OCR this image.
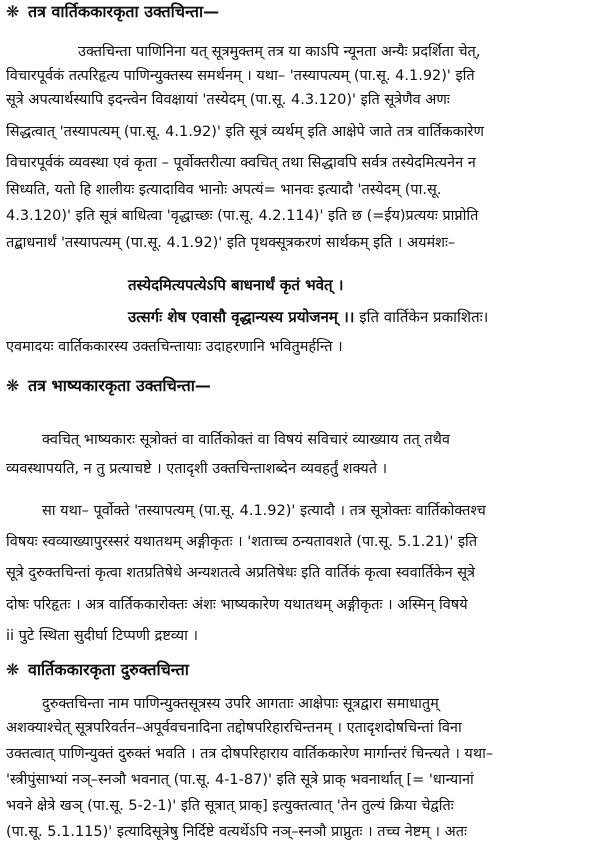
❋ तत्र वार्तिककारकृता उक्तचिन्ता—
उक्तचिन्ता पाणिनिना यत् सूत्रमुक्तम् तत्र या काऽपि न्यूनता अन्यैः प्रदर्शिता चेत्,
विचारपूर्वकं तत्परिहृत्य पाणिन्युक्तस्य समर्थनम् । यथा– 'तस्यापत्यम् (पा.सू. 4.1.92)' इति
सूत्रे अपत्यार्थस्यापि इदन्त्वेन विवक्षायां 'तस्येदम् (पा.सू. 4.3.120)' इति सूत्रेणैव अणः
सिद्धत्वात् 'तस्यापत्यम् (पा.सू. 4.1.92)' इति सूत्रं व्यर्थम् इति आक्षेपे जाते तत्र वार्तिककारेण
विचारपूर्वकं व्यवस्था एवं कृता – पूर्वोक्तरीत्या क्वचित् तथा सिद्धावपि सर्वत्र तस्येदमित्यनेन न
सिध्यति, यतो हि शालीयः इत्यादाविव भानोः अपत्यं= भानवः इत्यादौ 'तस्येदम् (पा.सू.
4.3.120)' इति सूत्रं बाधित्वा 'वृद्धाच्छः (पा.सू. 4.2.114)' इति छ (=ईय)प्रत्ययः प्राप्नोति
तद्बाधनार्थं 'तस्यापत्यम् (पा.सू. 4.1.92)' इति पृथक्सूत्रकरणं सार्थकम् इति । अयमंशः–
तस्येदमित्यपत्येऽपि बाधनार्थं कृतं भवेत् ।
उत्सर्गः शेष एवासौ वृद्धान्यस्य प्रयोजनम् ।। इति वार्तिकेन प्रकाशितः।
एवमादयः वार्तिककारस्य उक्तचिन्तायाः उदाहरणानि भवितुमर्हन्ति ।
❋ तत्र भाष्यकारकृता उक्तचिन्ता—
क्वचित् भाष्यकारः सूत्रोक्तं वा वार्तिकोक्तं वा विषयं सविचारं व्याख्याय तत् तथैव
व्यवस्थापयति, न तु प्रत्याचष्टे । एतादृशी उक्तचिन्ताशब्देन व्यवहर्तुं शक्यते ।
सा यथा– पूर्वोक्ते 'तस्यापत्यम् (पा.सू. 4.1.92)' इत्यादौ । तत्र सूत्रोक्तः वार्तिकोक्तश्च
विषयः स्वव्याख्यापुरस्सरं यथातथम् अङ्गीकृतः । 'शताच्च ठन्यतावशते (पा.सू. 5.1.21)' इति
सूत्रे दुरुक्तचिन्तां कृत्वा शतप्रतिषेधे अन्यशतत्वे अप्रतिषेधः इति वार्तिकं कृत्वा स्ववार्तिकेन सूत्रे
दोषः परिहृतः । अत्र वार्तिककारोक्तः अंशः भाष्यकारेण यथातथम् अङ्गीकृतः । अस्मिन् विषये
ii पुटे स्थिता सुदीर्घा टिप्पणी द्रष्टव्या ।
❋ वार्तिककारकृता दुरुक्तचिन्ता
दुरुक्तचिन्ता नाम पाणिन्युक्तसूत्रस्य उपरि आगताः आक्षेपाः सूत्रद्वारा समाधातुम्
अशक्याश्चेत् सूत्रपरिवर्तन–अपूर्ववचनादिना तद्दोषपरिहारचिन्तनम् । एतादृशदोषचिन्तां विना
उक्तत्वात् पाणिन्युक्तं दुरुक्तं भवति । तत्र दोषपरिहाराय वार्तिककारेण मार्गान्तरं चिन्त्यते । यथा–
'स्त्रीपुंसाभ्यां नञ्–स्नञौ भवनात् (पा.सू. 4-1-87)' इति सूत्रे प्राक् भवनार्थात् [= 'धान्यानां
भवने क्षेत्रे खञ् (पा.सू. 5-2-1)' इति सूत्रात् प्राक्] इत्युक्तत्वात् 'तेन तुल्यं क्रिया चेद्वतिः
(पा.सू. 5.1.115)' इत्यादिसूत्रेषु निर्दिष्टे वत्यर्थेऽपि नञ्–स्नञौ प्राप्नुतः । तच्च नेष्टम् । अतः
